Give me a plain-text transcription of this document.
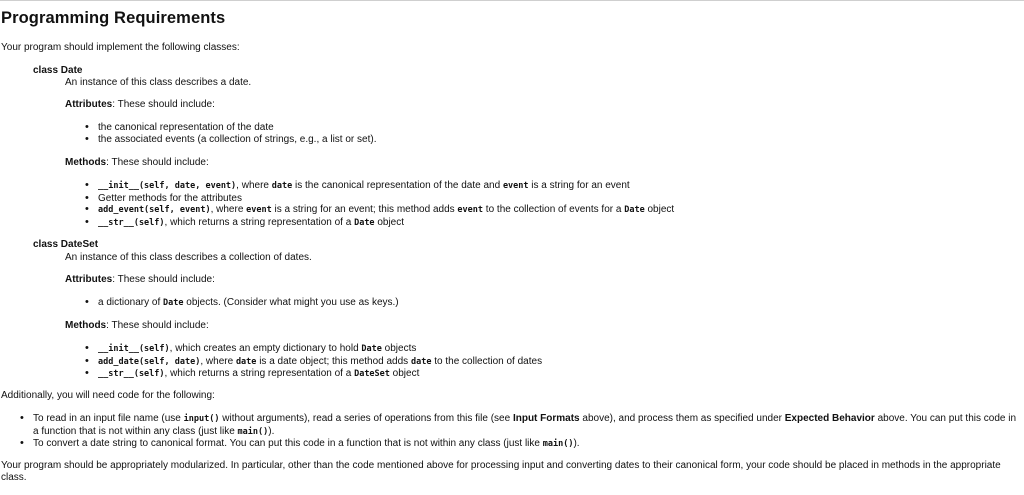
Programming Requirements
Your program should implement the following classes:
class Date
An instance of this class describes a date.
Attributes: These should include:
• the canonical representation of the date
• the associated events (a collection of strings, e.g., a list or set).
Methods: These should include:
• __init__(self, date, event), where date is the canonical representation of the date and event is a string for an event
• Getter methods for the attributes
• add_event(self, event), where event is a string for an event; this method adds event to the collection of events for a Date object
• __str__(self), which returns a string representation of a Date object
class DateSet
An instance of this class describes a collection of dates.
Attributes: These should include:
• a dictionary of Date objects. (Consider what might you use as keys.)
Methods: These should include:
• __init__(self), which creates an empty dictionary to hold Date objects
• add_date(self, date), where date is a date object; this method adds date to the collection of dates
• __str__(self), which returns a string representation of a DateSet object
Additionally, you will need code for the following:
• To read in an input file name (use input() without arguments), read a series of operations from this file (see Input Formats above), and process them as specified under Expected Behavior above. You can put this code in a function that is not within any class (just like main()).
• To convert a date string to canonical format. You can put this code in a function that is not within any class (just like main()).
Your program should be appropriately modularized. In particular, other than the code mentioned above for processing input and converting dates to their canonical form, your code should be placed in methods in the appropriate class.
